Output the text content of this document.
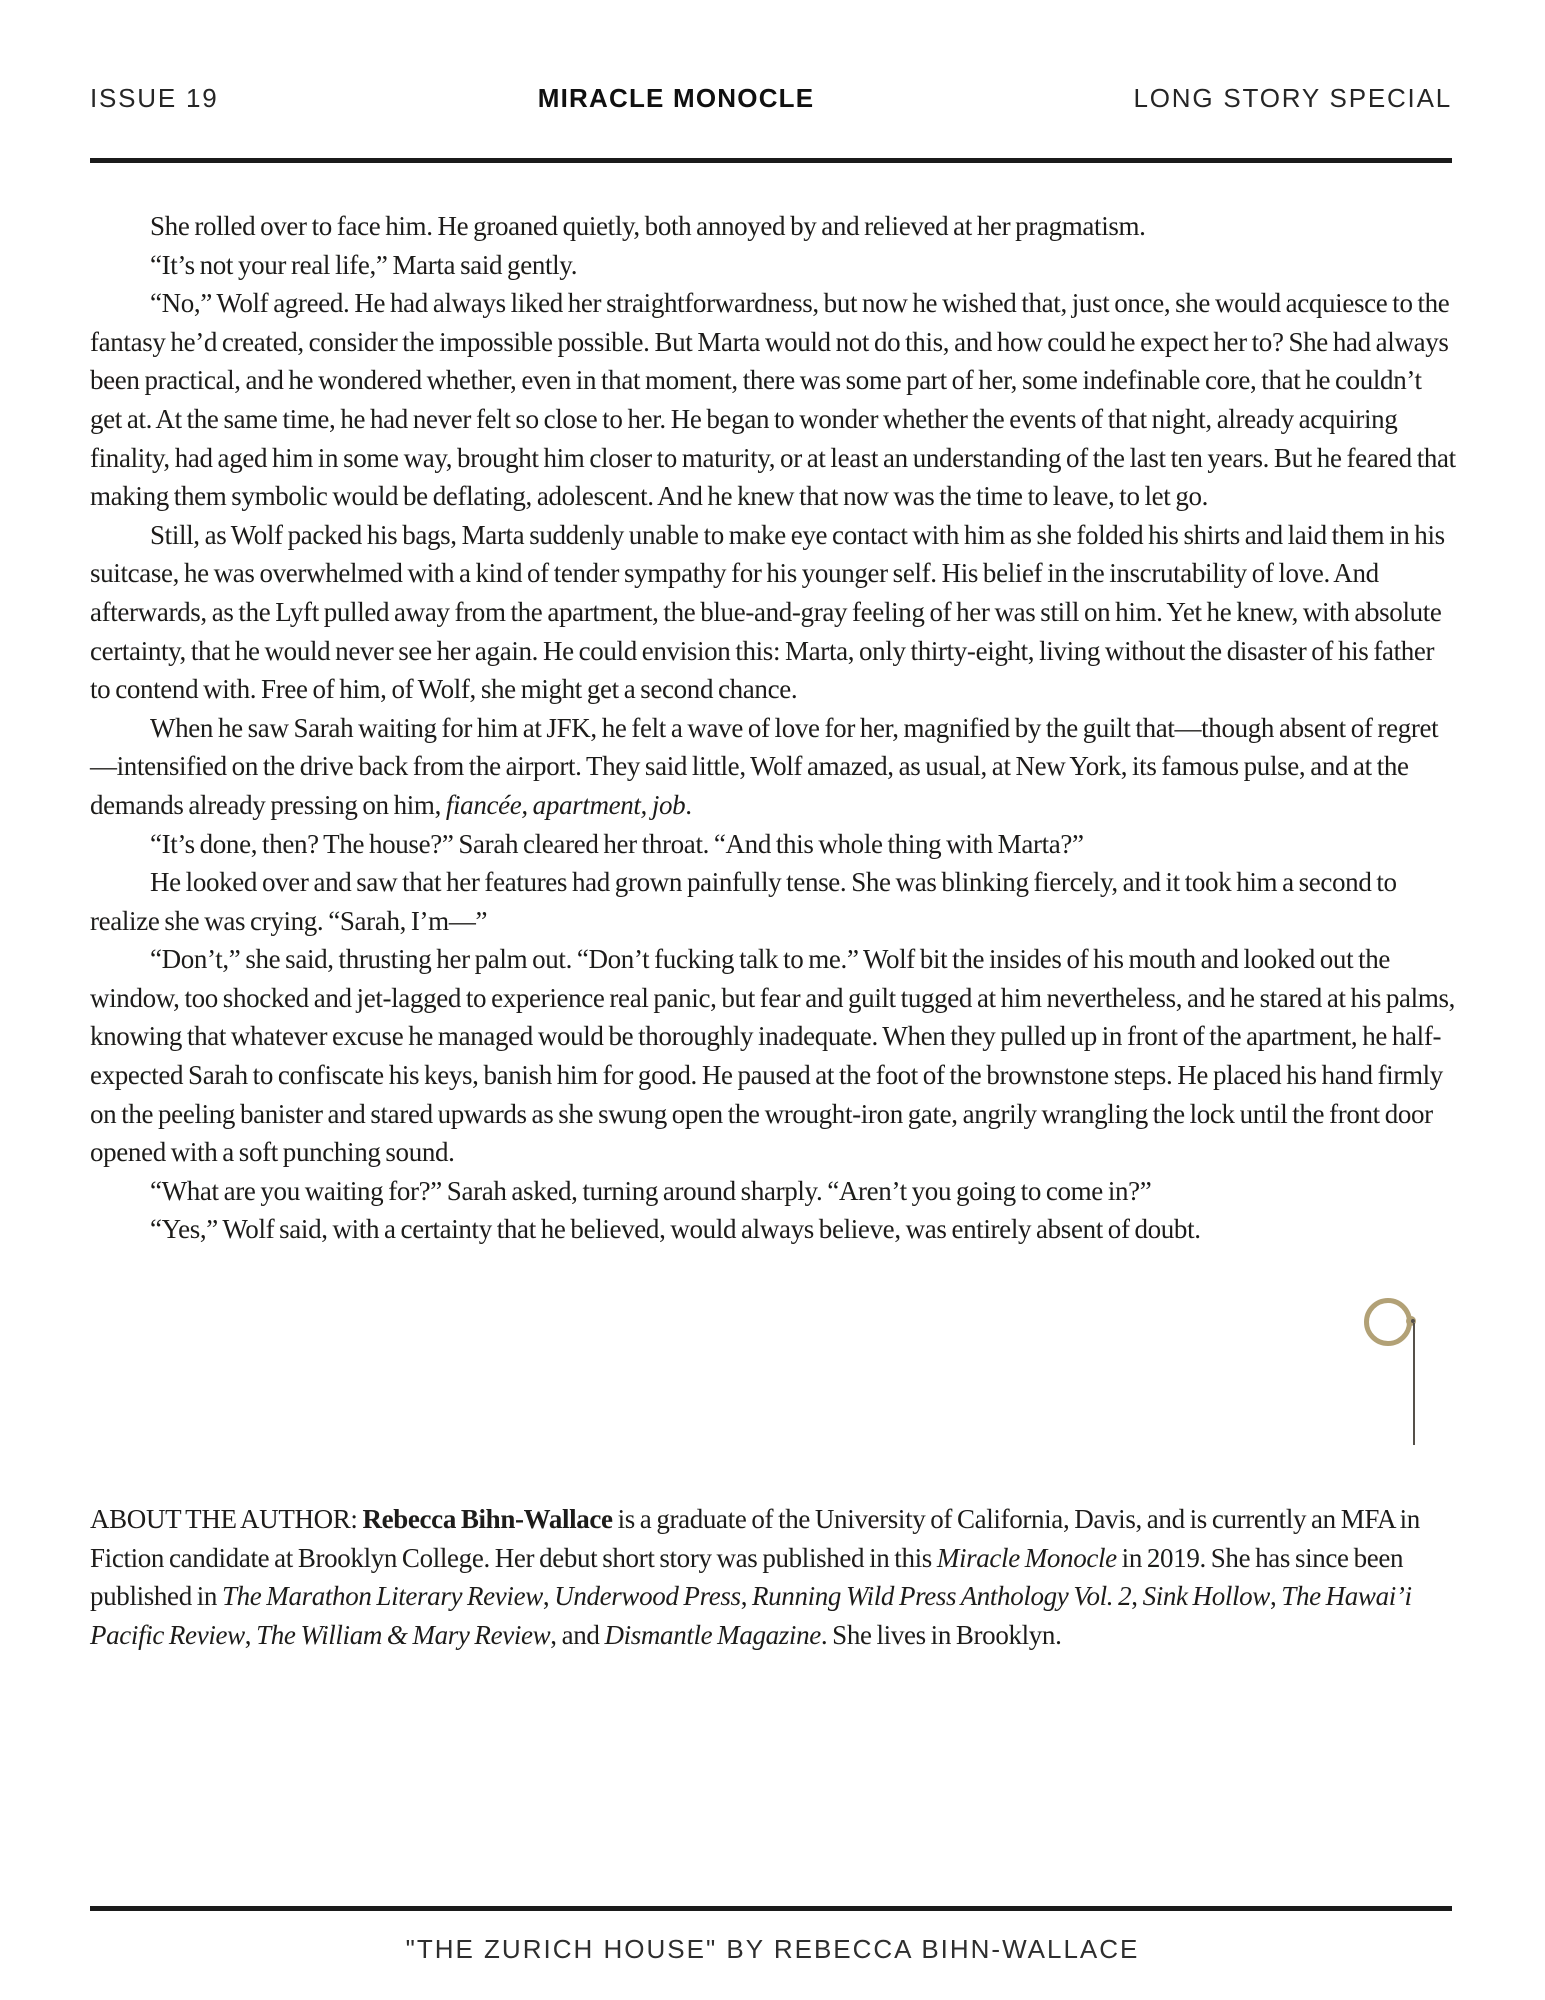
ISSUE 19	MIRACLE MONOCLE	LONG STORY SPECIAL

She rolled over to face him. He groaned quietly, both annoyed by and relieved at her pragmatism.

“It’s not your real life,” Marta said gently.

“No,” Wolf agreed. He had always liked her straightforwardness, but now he wished that, just once, she would acquiesce to the fantasy he’d created, consider the impossible possible. But Marta would not do this, and how could he expect her to? She had always been practical, and he wondered whether, even in that moment, there was some part of her, some indefinable core, that he couldn’t get at. At the same time, he had never felt so close to her. He began to wonder whether the events of that night, already acquiring finality, had aged him in some way, brought him closer to maturity, or at least an understanding of the last ten years. But he feared that making them symbolic would be deflating, adolescent. And he knew that now was the time to leave, to let go.

Still, as Wolf packed his bags, Marta suddenly unable to make eye contact with him as she folded his shirts and laid them in his suitcase, he was overwhelmed with a kind of tender sympathy for his younger self. His belief in the inscrutability of love. And afterwards, as the Lyft pulled away from the apartment, the blue-and-gray feeling of her was still on him. Yet he knew, with absolute certainty, that he would never see her again. He could envision this: Marta, only thirty-eight, living without the disaster of his father to contend with. Free of him, of Wolf, she might get a second chance.

When he saw Sarah waiting for him at JFK, he felt a wave of love for her, magnified by the guilt that—though absent of regret—intensified on the drive back from the airport. They said little, Wolf amazed, as usual, at New York, its famous pulse, and at the demands already pressing on him, fiancée, apartment, job.

“It’s done, then? The house?” Sarah cleared her throat. “And this whole thing with Marta?”

He looked over and saw that her features had grown painfully tense. She was blinking fiercely, and it took him a second to realize she was crying. “Sarah, I’m—”

“Don’t,” she said, thrusting her palm out. “Don’t fucking talk to me.” Wolf bit the insides of his mouth and looked out the window, too shocked and jet-lagged to experience real panic, but fear and guilt tugged at him nevertheless, and he stared at his palms, knowing that whatever excuse he managed would be thoroughly inadequate. When they pulled up in front of the apartment, he half-expected Sarah to confiscate his keys, banish him for good. He paused at the foot of the brownstone steps. He placed his hand firmly on the peeling banister and stared upwards as she swung open the wrought-iron gate, angrily wrangling the lock until the front door opened with a soft punching sound.

“What are you waiting for?” Sarah asked, turning around sharply. “Aren’t you going to come in?”

“Yes,” Wolf said, with a certainty that he believed, would always believe, was entirely absent of doubt.

ABOUT THE AUTHOR: Rebecca Bihn-Wallace is a graduate of the University of California, Davis, and is currently an MFA in Fiction candidate at Brooklyn College. Her debut short story was published in this Miracle Monocle in 2019. She has since been published in The Marathon Literary Review, Underwood Press, Running Wild Press Anthology Vol. 2, Sink Hollow, The Hawai’i Pacific Review, The William & Mary Review, and Dismantle Magazine. She lives in Brooklyn.

"THE ZURICH HOUSE" BY REBECCA BIHN-WALLACE
